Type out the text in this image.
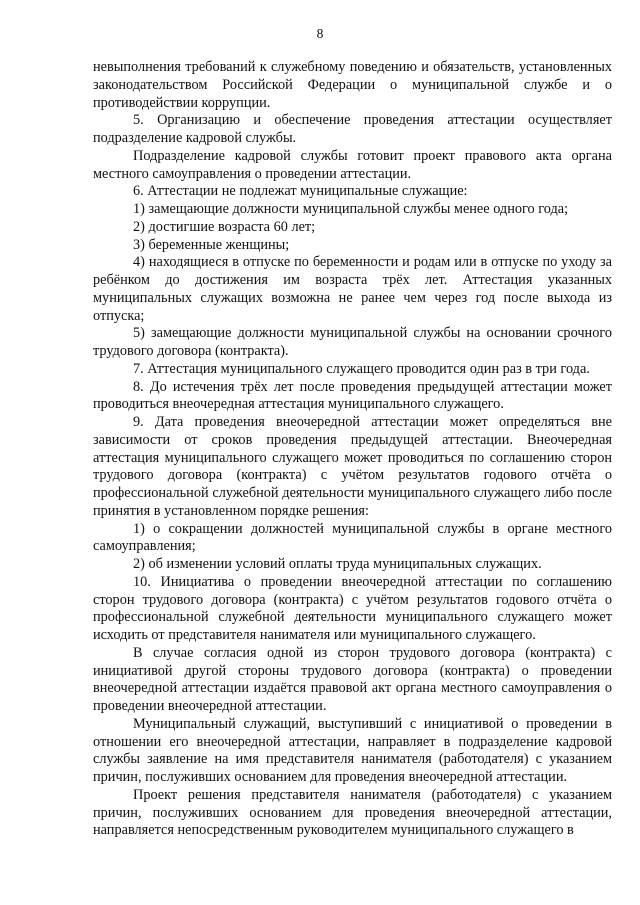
8

невыполнения требований к служебному поведению и обязательств, установленных законодательством Российской Федерации о муниципальной службе и о противодействии коррупции.

5. Организацию и обеспечение проведения аттестации осуществляет подразделение кадровой службы.

Подразделение кадровой службы готовит проект правового акта органа местного самоуправления о проведении аттестации.

6. Аттестации не подлежат муниципальные служащие:

1) замещающие должности муниципальной службы менее одного года;

2) достигшие возраста 60 лет;

3) беременные женщины;

4) находящиеся в отпуске по беременности и родам или в отпуске по уходу за ребёнком до достижения им возраста трёх лет. Аттестация указанных муниципальных служащих возможна не ранее чем через год после выхода из отпуска;

5) замещающие должности муниципальной службы на основании срочного трудового договора (контракта).

7. Аттестация муниципального служащего проводится один раз в три года.

8. До истечения трёх лет после проведения предыдущей аттестации может проводиться внеочередная аттестация муниципального служащего.

9. Дата проведения внеочередной аттестации может определяться вне зависимости от сроков проведения предыдущей аттестации. Внеочередная аттестация муниципального служащего может проводиться по соглашению сторон трудового договора (контракта) с учётом результатов годового отчёта о профессиональной служебной деятельности муниципального служащего либо после принятия в установленном порядке решения:

1) о сокращении должностей муниципальной службы в органе местного самоуправления;

2) об изменении условий оплаты труда муниципальных служащих.

10. Инициатива о проведении внеочередной аттестации по соглашению сторон трудового договора (контракта) с учётом результатов годового отчёта о профессиональной служебной деятельности муниципального служащего может исходить от представителя нанимателя или муниципального служащего.

В случае согласия одной из сторон трудового договора (контракта) с инициативой другой стороны трудового договора (контракта) о проведении внеочередной аттестации издаётся правовой акт органа местного самоуправления о проведении внеочередной аттестации.

Муниципальный служащий, выступивший с инициативой о проведении в отношении его внеочередной аттестации, направляет в подразделение кадровой службы заявление на имя представителя нанимателя (работодателя) с указанием причин, послуживших основанием для проведения внеочередной аттестации.

Проект решения представителя нанимателя (работодателя) с указанием причин, послуживших основанием для проведения внеочередной аттестации, направляется непосредственным руководителем муниципального служащего в
